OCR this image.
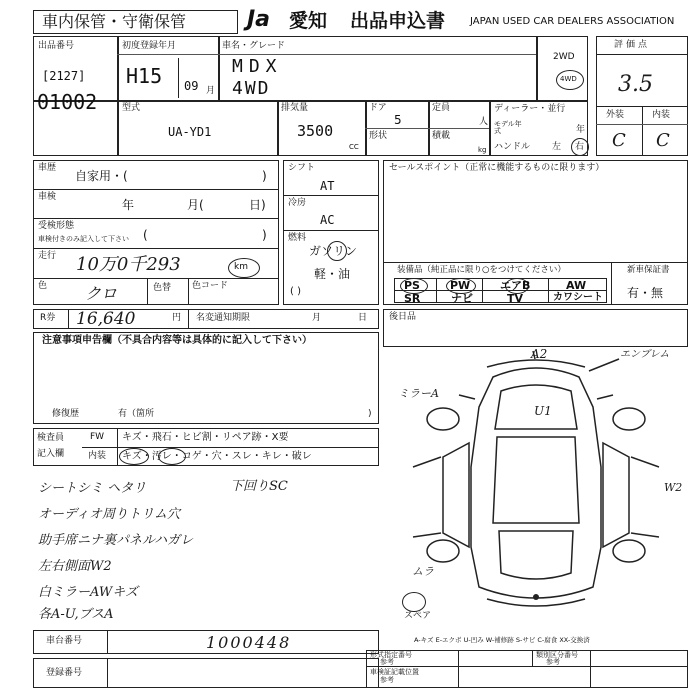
車内保管・守衛保管	Ja 愛知 出品申込書 JAPAN USED CAR DEALERS ASSOCIATION
出品番号
[2127]
01002
初度登録年月
H15 09 月
車名・グレード
MDX
4WD
2WD
4WD
評価点
3.5
外装	内装
C C
型式
UA-YD1
排気量
3500
CC
ドア
5
形状
定員
人
積載
kg
ディーラー・並行
モデル年式	年
ハンドル 左 右
車歴
自家用・(	)
車検
年	月(	日)
受検形態
車検付きのみ記入して下さい (	)
走行 10万0千293	km
色 クロ	色替 色コード
シフト
AT
冷房
AC
燃料
ガソリン
軽・油
( )
セールスポイント（正常に機能するものに限ります）
装備品（純正品に限り○をつけてください）	新車保証書
有・無
PS	PW	エアB	AW
SR	ナビ	TV	カワシート
R券 16,640	円 名変通知期限	月	日 後日品
注意事項申告欄（不具合内容等は具体的に記入して下さい）
修復歴	有（箇所	)
検査員
記入欄
FW キズ・飛石・ヒビ割・リペア跡・X要
内装 キズ・汚レ・コゲ・穴・スレ・キレ・破レ
シートシミ ヘタリ	下回りSC
オーディオ周りトリム穴
助手席ニナ裏パネルハガレ
左右側面W2
白ミラーAWキズ
各A-U,ブスA
A2	エンブレム
ミラーA
U1
W2
ムラ
スペア
A-キズ E-エクボ U-凹み W-補修跡 S-サビ C-腐食 XX-交換済
車台番号	1000448
登録番号
形式指定番号
参考
類別区分番号
参考
車検証記載位置
参考
